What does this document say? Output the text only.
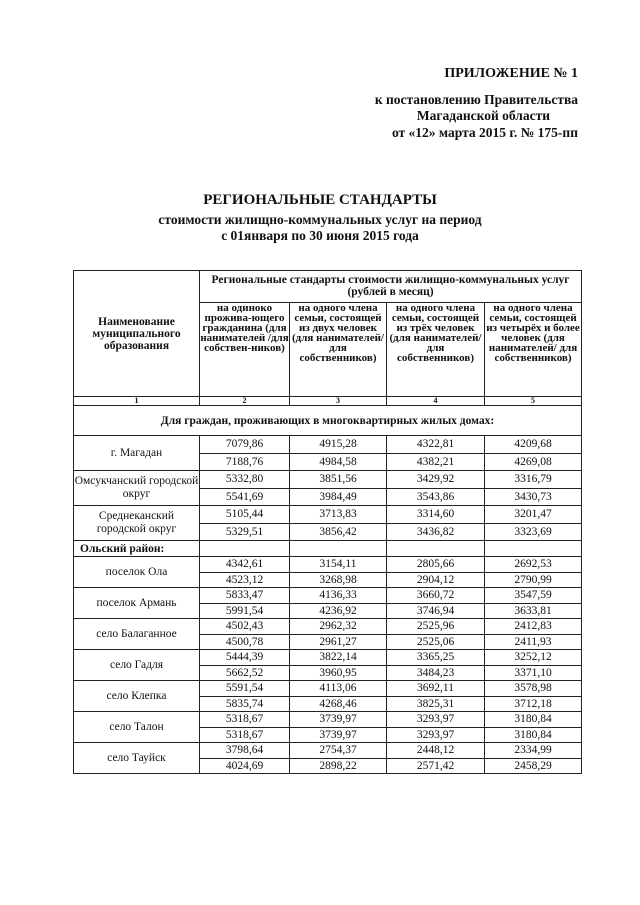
ПРИЛОЖЕНИЕ № 1
к постановлению Правительства
Магаданской области
от «12» марта 2015 г. № 175-пп
РЕГИОНАЛЬНЫЕ СТАНДАРТЫ
стоимости жилищно-коммунальных услуг на период
с 01января по 30 июня 2015 года
Наименование муниципального образования	Региональные стандарты стоимости жилищно-коммунальных услуг (рублей в месяц)			
	на одиноко прожива-ющего гражданина (для нанимателей /для собствен-ников)	на одного члена семьи, состоящей из двух человек (для нанимателей/ для собственников)	на одного члена семьи, состоящей из трёх человек (для нанимателей/ для собственников)	на одного члена семьи, состоящей из четырёх и более человек (для нанимателей/ для собственников)
1	2	3	4	5
Для граждан, проживающих в многоквартирных жилых домах:				
г. Магадан	7079,86	4915,28	4322,81	4209,68
	7188,76	4984,58	4382,21	4269,08
Омсукчанский городской округ	5332,80	3851,56	3429,92	3316,79
	5541,69	3984,49	3543,86	3430,73
Среднеканский городской округ	5105,44	3713,83	3314,60	3201,47
	5329,51	3856,42	3436,82	3323,69
Ольский район:				
поселок Ола	4342,61	3154,11	2805,66	2692,53
	4523,12	3268,98	2904,12	2790,99
поселок Армань	5833,47	4136,33	3660,72	3547,59
	5991,54	4236,92	3746,94	3633,81
село Балаганное	4502,43	2962,32	2525,96	2412,83
	4500,78	2961,27	2525,06	2411,93
село Гадля	5444,39	3822,14	3365,25	3252,12
	5662,52	3960,95	3484,23	3371,10
село Клепка	5591,54	4113,06	3692,11	3578,98
	5835,74	4268,46	3825,31	3712,18
село Талон	5318,67	3739,97	3293,97	3180,84
	5318,67	3739,97	3293,97	3180,84
село Тауйск	3798,64	2754,37	2448,12	2334,99
	4024,69	2898,22	2571,42	2458,29
